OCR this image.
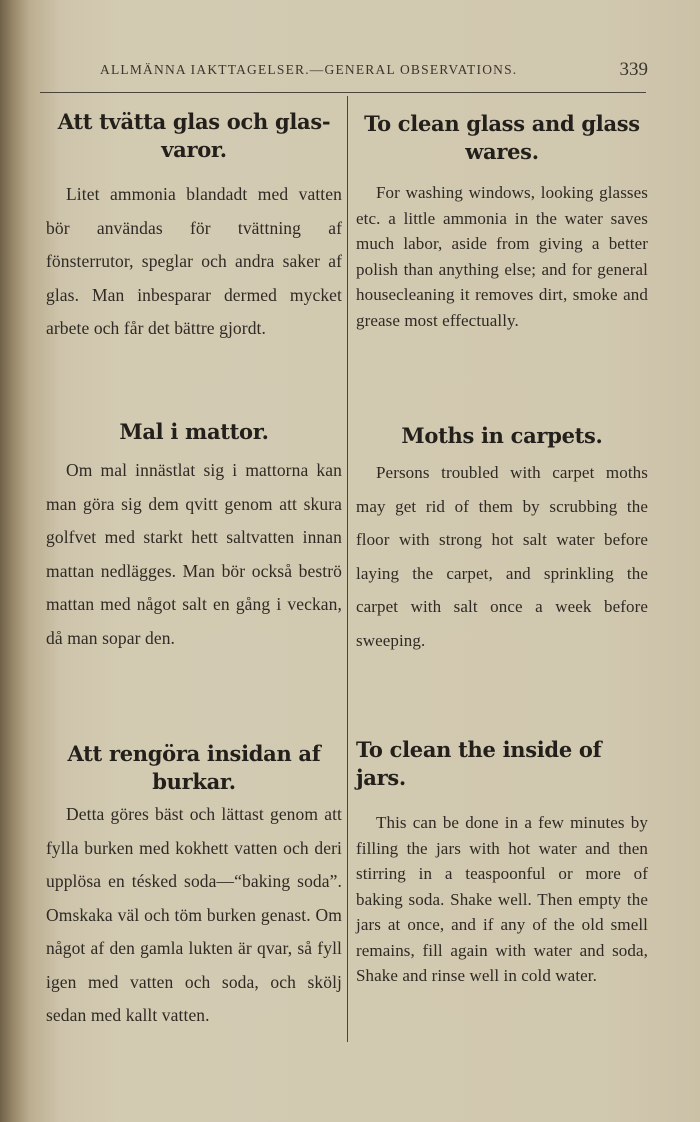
ALLMÄNNA IAKTTAGELSER.—GENERAL OBSERVATIONS.	339
Att tvätta glas och glas-varor.

Litet ammonia blandadt med vatten bör användas för tvättning af fönsterrutor, speglar och andra saker af glas. Man inbesparar dermed mycket arbete och får det bättre gjordt.

Mal i mattor.

Om mal innästlat sig i mattorna kan man göra sig dem qvitt genom att skura golfvet med starkt hett saltvatten innan mattan nedlägges. Man bör också beströ mattan med något salt en gång i veckan, då man sopar den.

Att rengöra insidan af burkar.

Detta göres bäst och lättast genom att fylla burken med kokhett vatten och deri upplösa en tésked soda—“baking soda”. Omskaka väl och töm burken genast. Om något af den gamla lukten är qvar, så fyll igen med vatten och soda, och skölj sedan med kallt vatten.

To clean glass and glass wares.

For washing windows, looking glasses etc. a little ammonia in the water saves much labor, aside from giving a better polish than anything else; and for general housecleaning it removes dirt, smoke and grease most effectually.

Moths in carpets.

Persons troubled with carpet moths may get rid of them by scrubbing the floor with strong hot salt water before laying the carpet, and sprinkling the carpet with salt once a week before sweeping.

To clean the inside of jars.

This can be done in a few minutes by filling the jars with hot water and then stirring in a teaspoonful or more of baking soda. Shake well. Then empty the jars at once, and if any of the old smell remains, fill again with water and soda, Shake and rinse well in cold water.
